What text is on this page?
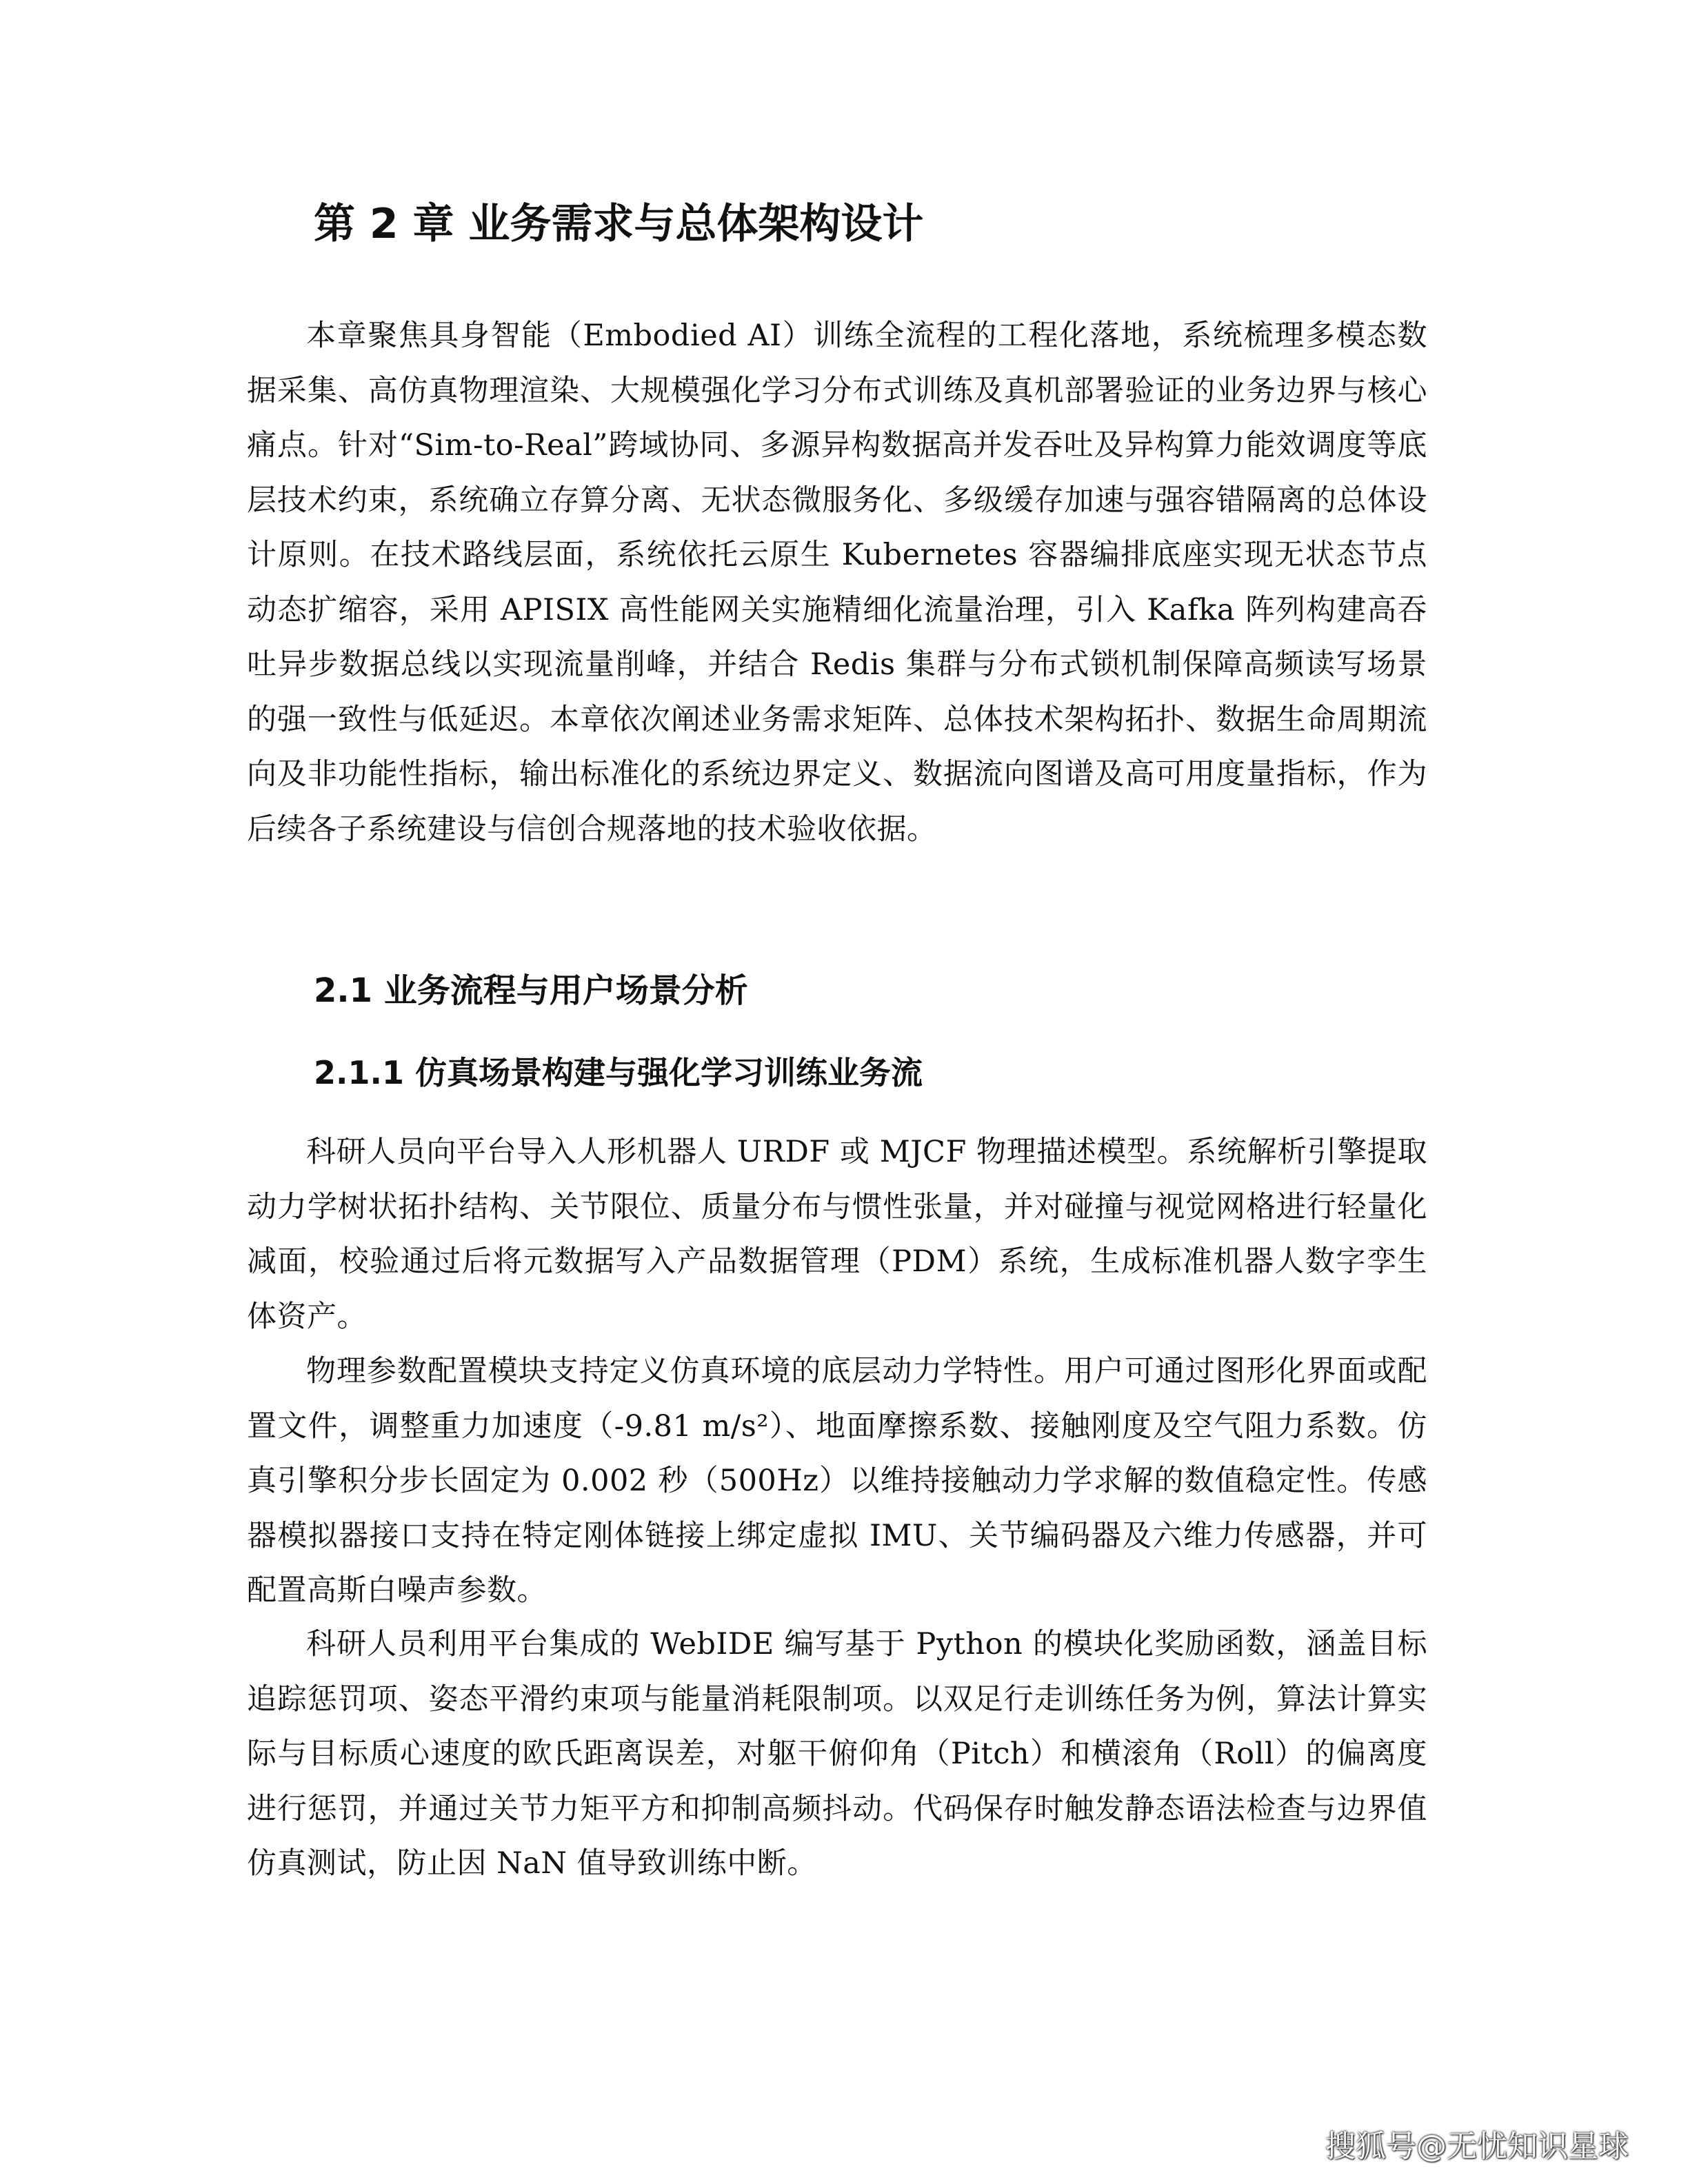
第 2 章 业务需求与总体架构设计

本章聚焦具身智能（Embodied AI）训练全流程的工程化落地，系统梳理多模态数据采集、高仿真物理渲染、大规模强化学习分布式训练及真机部署验证的业务边界与核心痛点。针对“Sim-to-Real”跨域协同、多源异构数据高并发吞吐及异构算力能效调度等底层技术约束，系统确立存算分离、无状态微服务化、多级缓存加速与强容错隔离的总体设计原则。在技术路线层面，系统依托云原生 Kubernetes 容器编排底座实现无状态节点动态扩缩容，采用 APISIX 高性能网关实施精细化流量治理，引入 Kafka 阵列构建高吞吐异步数据总线以实现流量削峰，并结合 Redis 集群与分布式锁机制保障高频读写场景的强一致性与低延迟。本章依次阐述业务需求矩阵、总体技术架构拓扑、数据生命周期流向及非功能性指标，输出标准化的系统边界定义、数据流向图谱及高可用度量指标，作为后续各子系统建设与信创合规落地的技术验收依据。

2.1 业务流程与用户场景分析
2.1.1 仿真场景构建与强化学习训练业务流

科研人员向平台导入人形机器人 URDF 或 MJCF 物理描述模型。系统解析引擎提取动力学树状拓扑结构、关节限位、质量分布与惯性张量，并对碰撞与视觉网格进行轻量化减面，校验通过后将元数据写入产品数据管理（PDM）系统，生成标准机器人数字孪生体资产。

物理参数配置模块支持定义仿真环境的底层动力学特性。用户可通过图形化界面或配置文件，调整重力加速度（-9.81 m/s²）、地面摩擦系数、接触刚度及空气阻力系数。仿真引擎积分步长固定为 0.002 秒（500Hz）以维持接触动力学求解的数值稳定性。传感器模拟器接口支持在特定刚体链接上绑定虚拟 IMU、关节编码器及六维力传感器，并可配置高斯白噪声参数。

科研人员利用平台集成的 WebIDE 编写基于 Python 的模块化奖励函数，涵盖目标追踪惩罚项、姿态平滑约束项与能量消耗限制项。以双足行走训练任务为例，算法计算实际与目标质心速度的欧氏距离误差，对躯干俯仰角（Pitch）和横滚角（Roll）的偏离度进行惩罚，并通过关节力矩平方和抑制高频抖动。代码保存时触发静态语法检查与边界值仿真测试，防止因 NaN 值导致训练中断。

搜狐号@无忧知识星球
